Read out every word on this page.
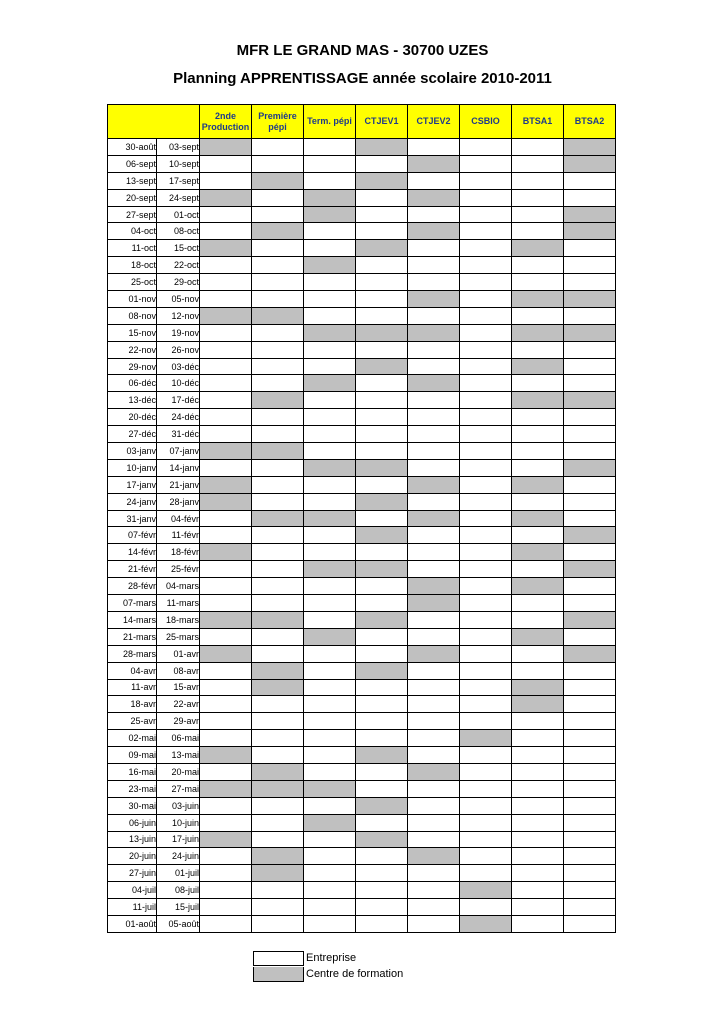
MFR LE GRAND MAS - 30700 UZES
Planning APPRENTISSAGE année scolaire 2010-2011
		2nde Production	Première pépi	Term. pépi	CTJEV1	CTJEV2	CSBIO	BTSA1	BTSA2
30-août	03-sept								
06-sept	10-sept								
13-sept	17-sept								
20-sept	24-sept								
27-sept	01-oct								
04-oct	08-oct								
11-oct	15-oct								
18-oct	22-oct								
25-oct	29-oct								
01-nov	05-nov								
08-nov	12-nov								
15-nov	19-nov								
22-nov	26-nov								
29-nov	03-déc								
06-déc	10-déc								
13-déc	17-déc								
20-déc	24-déc								
27-déc	31-déc								
03-janv	07-janv								
10-janv	14-janv								
17-janv	21-janv								
24-janv	28-janv								
31-janv	04-févr								
07-févr	11-févr								
14-févr	18-févr								
21-févr	25-févr								
28-févr	04-mars								
07-mars	11-mars								
14-mars	18-mars								
21-mars	25-mars								
28-mars	01-avr								
04-avr	08-avr								
11-avr	15-avr								
18-avr	22-avr								
25-avr	29-avr								
02-mai	06-mai								
09-mai	13-mai								
16-mai	20-mai								
23-mai	27-mai								
30-mai	03-juin								
06-juin	10-juin								
13-juin	17-juin								
20-juin	24-juin								
27-juin	01-juil								
04-juil	08-juil								
11-juil	15-juil								
01-août	05-août								
Entreprise
Centre de formation
